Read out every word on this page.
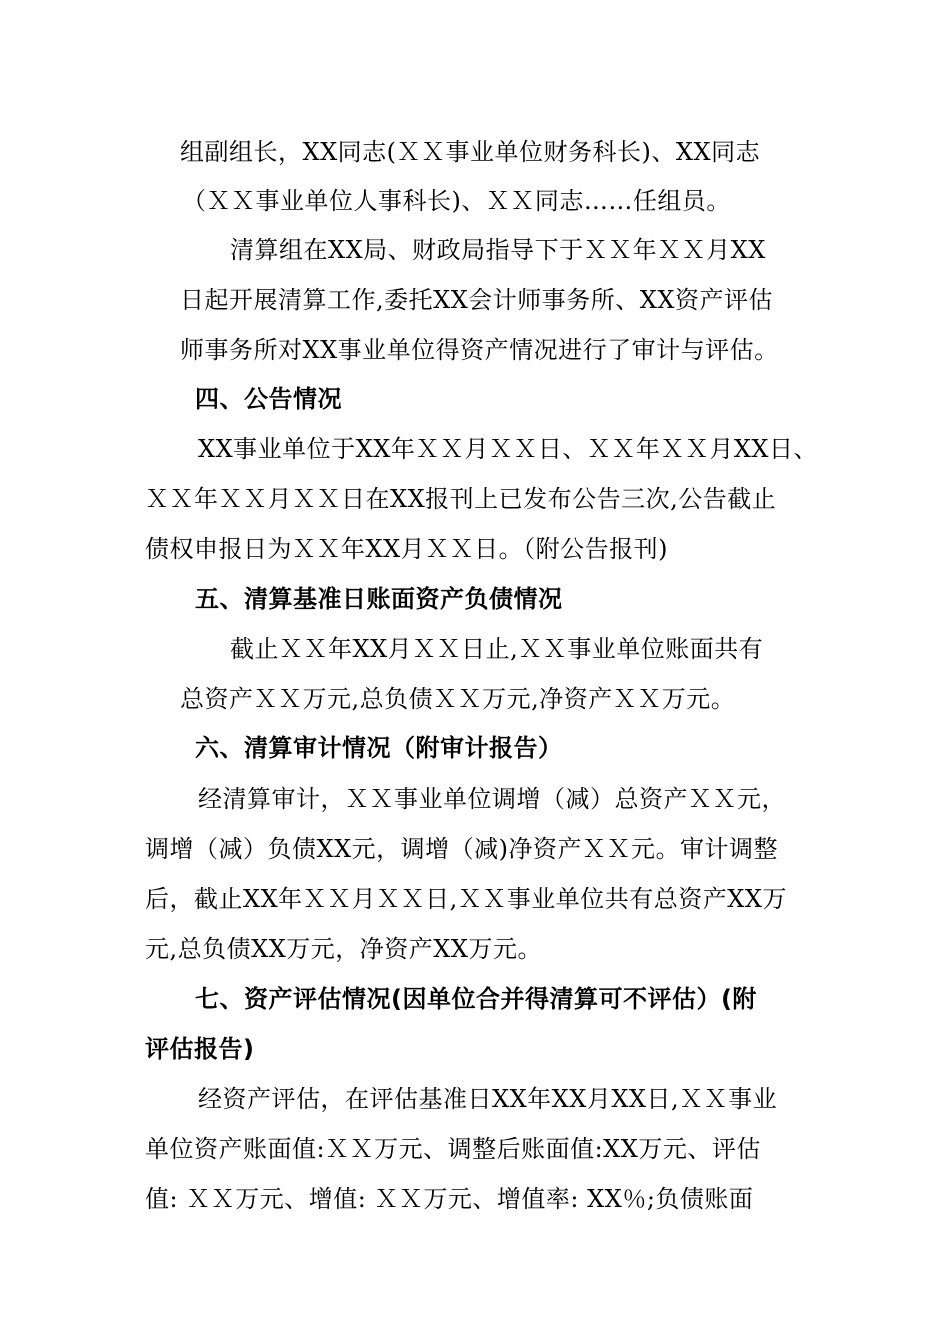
组副组长，XX同志(ＸＸ事业单位财务科长)、XX同志
（ＸＸ事业单位人事科长)、ＸＸ同志……任组员。
清算组在XX局、财政局指导下于ＸＸ年ＸＸ月XX
日起开展清算工作,委托XX会计师事务所、XX资产评估
师事务所对XX事业单位得资产情况进行了审计与评估。
四、公告情况
XX事业单位于XX年ＸＸ月ＸＸ日、ＸＸ年ＸＸ月XX日、
ＸＸ年ＸＸ月ＸＸ日在XX报刊上已发布公告三次,公告截止
债权申报日为ＸＸ年XX月ＸＸ日。（附公告报刊)
五、清算基准日账面资产负债情况
截止ＸＸ年XX月ＸＸ日止,ＸＸ事业单位账面共有
总资产ＸＸ万元,总负债ＸＸ万元,净资产ＸＸ万元。
六、清算审计情况（附审计报告）
经清算审计，ＸＸ事业单位调增（减）总资产ＸＸ元，
调增（减）负债XX元，调增（减)净资产ＸＸ元。审计调整
后，截止XX年ＸＸ月ＸＸ日,ＸＸ事业单位共有总资产XX万
元,总负债XX万元，净资产XX万元。
七、资产评估情况(因单位合并得清算可不评估）(附
评估报告)
经资产评估，在评估基准日XX年XX月XX日,ＸＸ事业
单位资产账面值:ＸＸ万元、调整后账面值:XX万元、评估
值: ＸＸ万元、增值: ＸＸ万元、增值率: XX％;负债账面
